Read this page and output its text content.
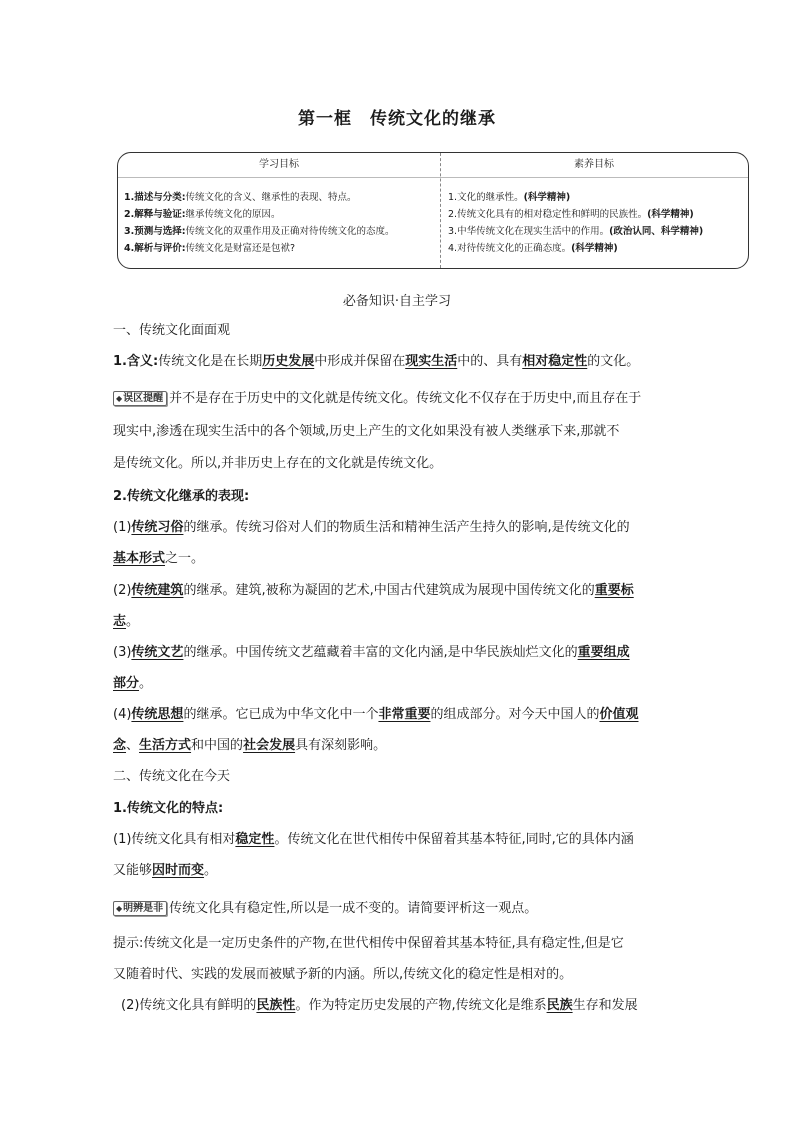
第一框　传统文化的继承
学习目标	素养目标
1.描述与分类:传统文化的含义、继承性的表现、特点。
2.解释与验证:继承传统文化的原因。
3.预测与选择:传统文化的双重作用及正确对待传统文化的态度。
4.解析与评价:传统文化是财富还是包袱?
1.文化的继承性。(科学精神)
2.传统文化具有的相对稳定性和鲜明的民族性。(科学精神)
3.中华传统文化在现实生活中的作用。(政治认同、科学精神)
4.对待传统文化的正确态度。(科学精神)
必备知识·自主学习
一、传统文化面面观
1.含义:传统文化是在长期历史发展中形成并保留在现实生活中的、具有相对稳定性的文化。
◆误区提醒 并不是存在于历史中的文化就是传统文化。传统文化不仅存在于历史中,而且存在于
现实中,渗透在现实生活中的各个领域,历史上产生的文化如果没有被人类继承下来,那就不
是传统文化。所以,并非历史上存在的文化就是传统文化。
2.传统文化继承的表现:
(1)传统习俗的继承。传统习俗对人们的物质生活和精神生活产生持久的影响,是传统文化的
基本形式之一。
(2)传统建筑的继承。建筑,被称为凝固的艺术,中国古代建筑成为展现中国传统文化的重要标
志。
(3)传统文艺的继承。中国传统文艺蕴藏着丰富的文化内涵,是中华民族灿烂文化的重要组成
部分。
(4)传统思想的继承。它已成为中华文化中一个非常重要的组成部分。对今天中国人的价值观
念、生活方式和中国的社会发展具有深刻影响。
二、传统文化在今天
1.传统文化的特点:
(1)传统文化具有相对稳定性。传统文化在世代相传中保留着其基本特征,同时,它的具体内涵
又能够因时而变。
◆明辨是非 传统文化具有稳定性,所以是一成不变的。请简要评析这一观点。
提示:传统文化是一定历史条件的产物,在世代相传中保留着其基本特征,具有稳定性,但是它
又随着时代、实践的发展而被赋予新的内涵。所以,传统文化的稳定性是相对的。
(2)传统文化具有鲜明的民族性。作为特定历史发展的产物,传统文化是维系民族生存和发展
